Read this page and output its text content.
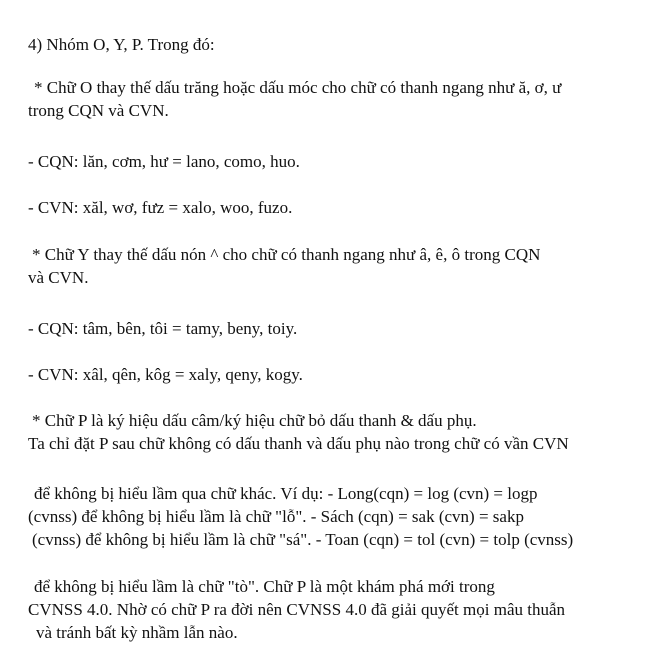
4) Nhóm O, Y, P. Trong đó:

* Chữ O thay thế dấu trăng hoặc dấu móc cho chữ có thanh ngang như ă, ơ, ư

trong CQN và CVN.

- CQN: lăn, cơm, hư = lano, como, huo.

- CVN: xăl, wơ, fưz = xalo, woo, fuzo.

* Chữ Y thay thế dấu nón ^ cho chữ có thanh ngang như â, ê, ô trong CQN

và CVN.

- CQN: tâm, bên, tôi = tamy, beny, toiy.

- CVN: xâl, qên, kôg = xaly, qeny, kogy.

* Chữ P là ký hiệu dấu câm/ký hiệu chữ bỏ dấu thanh & dấu phụ.

Ta chỉ đặt P sau chữ không có dấu thanh và dấu phụ nào trong chữ có vần CVN

để không bị hiểu lầm qua chữ khác. Ví dụ: - Long(cqn) = log (cvn) = logp

(cvnss) để không bị hiểu lầm là chữ "lỗ". - Sách (cqn) = sak (cvn) = sakp

(cvnss) để không bị hiểu lầm là chữ "sá". - Toan (cqn) = tol (cvn) = tolp (cvnss)

để không bị hiểu lầm là chữ "tò". Chữ P là một khám phá mới trong

CVNSS 4.0. Nhờ có chữ P ra đời nên CVNSS 4.0 đã giải quyết mọi mâu thuẫn

và tránh bất kỳ nhầm lẫn nào.
